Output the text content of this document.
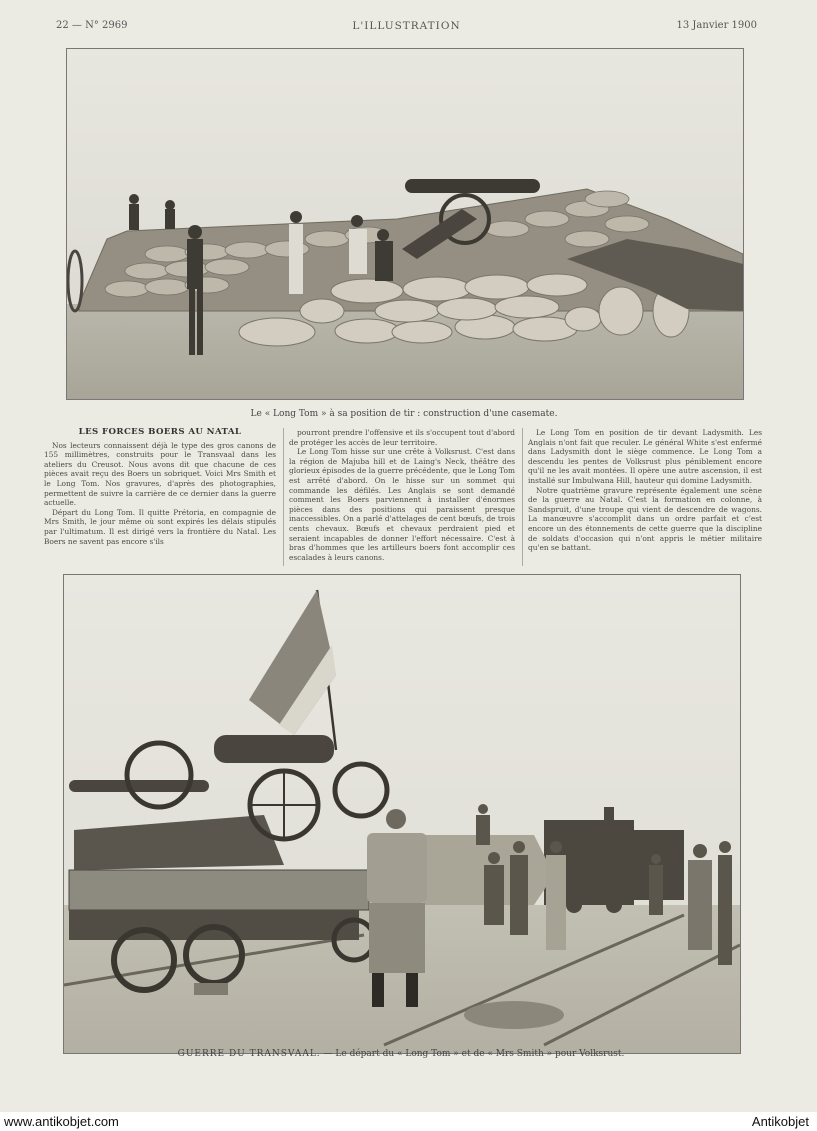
22 — N° 2969	L'ILLUSTRATION	13 Janvier 1900
Le « Long Tom » à sa position de tir : construction d'une casemate.
LES FORCES BOERS AU NATAL

Nos lecteurs connaissent déjà le type des gros canons de 155 millimètres, construits pour le Transvaal dans les ateliers du Creusot. Nous avons dit que chacune de ces pièces avait reçu des Boers un sobriquet. Voici Mrs Smith et le Long Tom. Nos gravures, d'après des photographies, permettent de suivre la carrière de ce dernier dans la guerre actuelle.

Départ du Long Tom. Il quitte Prétoria, en compagnie de Mrs Smith, le jour même où sont expirés les délais stipulés par l'ultimatum. Il est dirigé vers la frontière du Natal. Les Boers ne savent pas encore s'ils

pourront prendre l'offensive et ils s'occupent tout d'abord de protéger les accès de leur territoire.

Le Long Tom hisse sur une crête à Volksrust. C'est dans la région de Majuba hill et de Laing's Neck, théâtre des glorieux épisodes de la guerre précédente, que le Long Tom est arrêté d'abord. On le hisse sur un sommet qui commande les défilés. Les Anglais se sont demandé comment les Boers parviennent à installer d'énormes pièces dans des positions qui paraissent presque inaccessibles. On a parlé d'attelages de cent bœufs, de trois cents chevaux. Bœufs et chevaux perdraient pied et seraient incapables de donner l'effort nécessaire. C'est à bras d'hommes que les artilleurs boers font accomplir ces escalades à leurs canons.

Le Long Tom en position de tir devant Ladysmith. Les Anglais n'ont fait que reculer. Le général White s'est enfermé dans Ladysmith dont le siège commence. Le Long Tom a descendu les pentes de Volksrust plus péniblement encore qu'il ne les avait montées. Il opère une autre ascension, il est installé sur Imbulwana Hill, hauteur qui domine Ladysmith.

Notre quatrième gravure représente également une scène de la guerre au Natal. C'est la formation en colonne, à Sandspruit, d'une troupe qui vient de descendre de wagons. La manœuvre s'accomplit dans un ordre parfait et c'est encore un des étonnements de cette guerre que la discipline de soldats d'occasion qui n'ont appris le métier militaire qu'en se battant.

GUERRE DU TRANSVAAL. — Le départ du « Long Tom » et de « Mrs Smith » pour Volksrust.
www.antikobjet.com	Antikobjet
